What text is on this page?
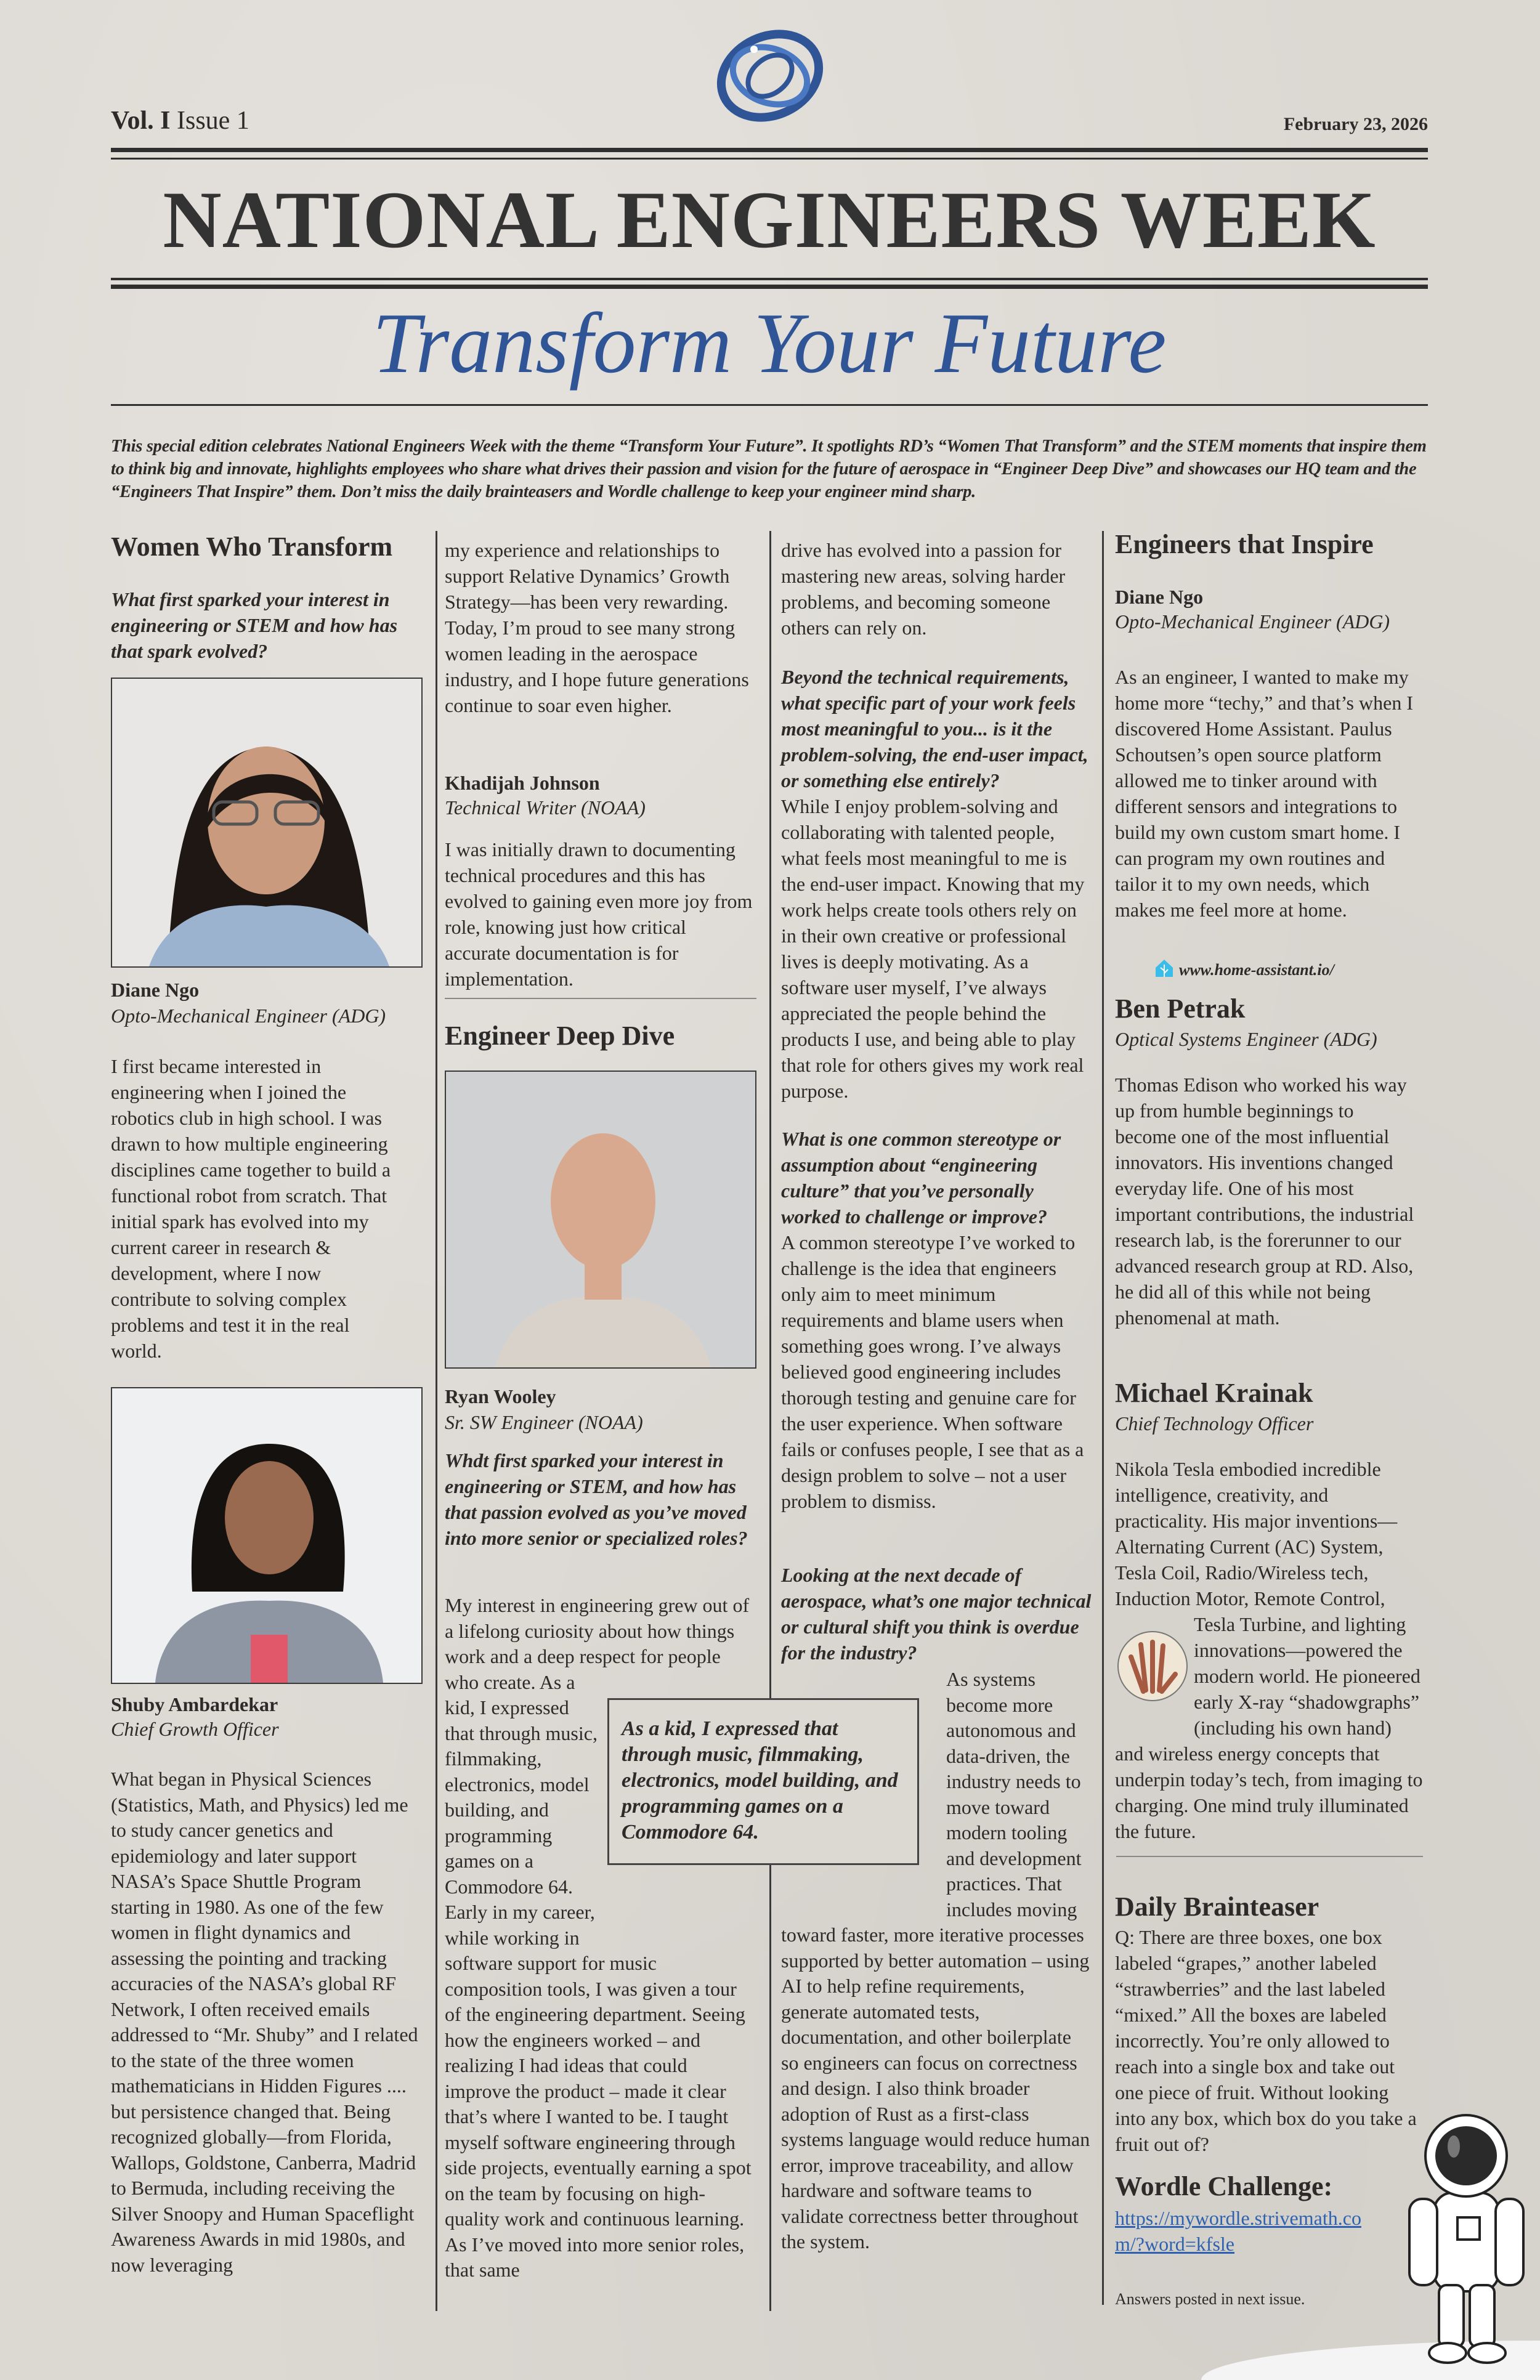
Vol. I Issue 1	February 23, 2026
NATIONAL ENGINEERS WEEK
Transform Your Future
This special edition celebrates National Engineers Week with the theme “Transform Your Future”. It spotlights RD’s “Women That Transform” and the STEM moments that inspire them to think big and innovate, highlights employees who share what drives their passion and vision for the future of aerospace in “Engineer Deep Dive” and showcases our HQ team and the “Engineers That Inspire” them. Don’t miss the daily brainteasers and Wordle challenge to keep your engineer mind sharp.
Women Who Transform
What first sparked your interest in engineering or STEM and how has that spark evolved?
Diane Ngo
Opto-Mechanical Engineer (ADG)
I first became interested in engineering when I joined the robotics club in high school. I was drawn to how multiple engineering disciplines came together to build a functional robot from scratch. That initial spark has evolved into my current career in research & development, where I now contribute to solving complex problems and test it in the real world.
Shuby Ambardekar
Chief Growth Officer
What began in Physical Sciences (Statistics, Math, and Physics) led me to study cancer genetics and epidemiology and later support NASA’s Space Shuttle Program starting in 1980. As one of the few women in flight dynamics and assessing the pointing and tracking accuracies of the NASA’s global RF Network, I often received emails addressed to “Mr. Shuby” and I related to the state of the three women mathematicians in Hidden Figures .... but persistence changed that. Being recognized globally—from Florida, Wallops, Goldstone, Canberra, Madrid to Bermuda, including receiving the Silver Snoopy and Human Spaceflight Awareness Awards in mid 1980s, and now leveraging
my experience and relationships to support Relative Dynamics’ Growth Strategy—has been very rewarding. Today, I’m proud to see many strong women leading in the aerospace industry, and I hope future generations continue to soar even higher.
Khadijah Johnson
Technical Writer (NOAA)
I was initially drawn to documenting technical procedures and this has evolved to gaining even more joy from role, knowing just how critical accurate documentation is for implementation.
Engineer Deep Dive
Ryan Wooley
Sr. SW Engineer (NOAA)
Whdt first sparked your interest in engineering or STEM, and how has that passion evolved as you’ve moved into more senior or specialized roles?
My interest in engineering grew out of a lifelong curiosity about how things work and a deep respect for people who create. As a kid, I expressed that through music, filmmaking, electronics, model building, and programming games on a Commodore 64. Early in my career, while working in software support for music composition tools, I was given a tour of the engineering department. Seeing how the engineers worked – and realizing I had ideas that could improve the product – made it clear that’s where I wanted to be. I taught myself software engineering through side projects, eventually earning a spot on the team by focusing on high-quality work and continuous learning. As I’ve moved into more senior roles, that same
As a kid, I expressed that through music, filmmaking, electronics, model building, and programming games on a Commodore 64.
drive has evolved into a passion for mastering new areas, solving harder problems, and becoming someone others can rely on.
Beyond the technical requirements, what specific part of your work feels most meaningful to you... is it the problem-solving, the end-user impact, or something else entirely?
While I enjoy problem-solving and collaborating with talented people, what feels most meaningful to me is the end-user impact. Knowing that my work helps create tools others rely on in their own creative or professional lives is deeply motivating. As a software user myself, I’ve always appreciated the people behind the products I use, and being able to play that role for others gives my work real purpose.
What is one common stereotype or assumption about “engineering culture” that you’ve personally worked to challenge or improve?
A common stereotype I’ve worked to challenge is the idea that engineers only aim to meet minimum requirements and blame users when something goes wrong. I’ve always believed good engineering includes thorough testing and genuine care for the user experience. When software fails or confuses people, I see that as a design problem to solve – not a user problem to dismiss.
Looking at the next decade of aerospace, what’s one major technical or cultural shift you think is overdue for the industry?
As systems become more autonomous and data-driven, the industry needs to move toward modern tooling and development practices. That includes moving toward faster, more iterative processes supported by better automation – using AI to help refine requirements, generate automated tests, documentation, and other boilerplate so engineers can focus on correctness and design. I also think broader adoption of Rust as a first-class systems language would reduce human error, improve traceability, and allow hardware and software teams to validate correctness better throughout the system.
Engineers that Inspire
Diane Ngo
Opto-Mechanical Engineer (ADG)
As an engineer, I wanted to make my home more “techy,” and that’s when I discovered Home Assistant. Paulus Schoutsen’s open source platform allowed me to tinker around with different sensors and integrations to build my own custom smart home. I can program my own routines and tailor it to my own needs, which makes me feel more at home.
www.home-assistant.io/
Ben Petrak
Optical Systems Engineer (ADG)
Thomas Edison who worked his way up from humble beginnings to become one of the most influential innovators. His inventions changed everyday life. One of his most important contributions, the industrial research lab, is the forerunner to our advanced research group at RD. Also, he did all of this while not being phenomenal at math.
Michael Krainak
Chief Technology Officer
Nikola Tesla embodied incredible intelligence, creativity, and practicality. His major inventions—Alternating Current (AC) System, Tesla Coil, Radio/Wireless tech, Induction Motor, Remote Control, Tesla Turbine, and lighting innovations—powered the modern world. He pioneered early X-ray “shadowgraphs” (including his own hand) and wireless energy concepts that underpin today’s tech, from imaging to charging. One mind truly illuminated the future.
Daily Brainteaser
Q: There are three boxes, one box labeled “grapes,” another labeled “strawberries” and the last labeled “mixed.” All the boxes are labeled incorrectly. You’re only allowed to reach into a single box and take out one piece of fruit. Without looking into any box, which box do you take a fruit out of?
Wordle Challenge:
https://mywordle.strivemath.com/?word=kfsle
Answers posted in next issue.
